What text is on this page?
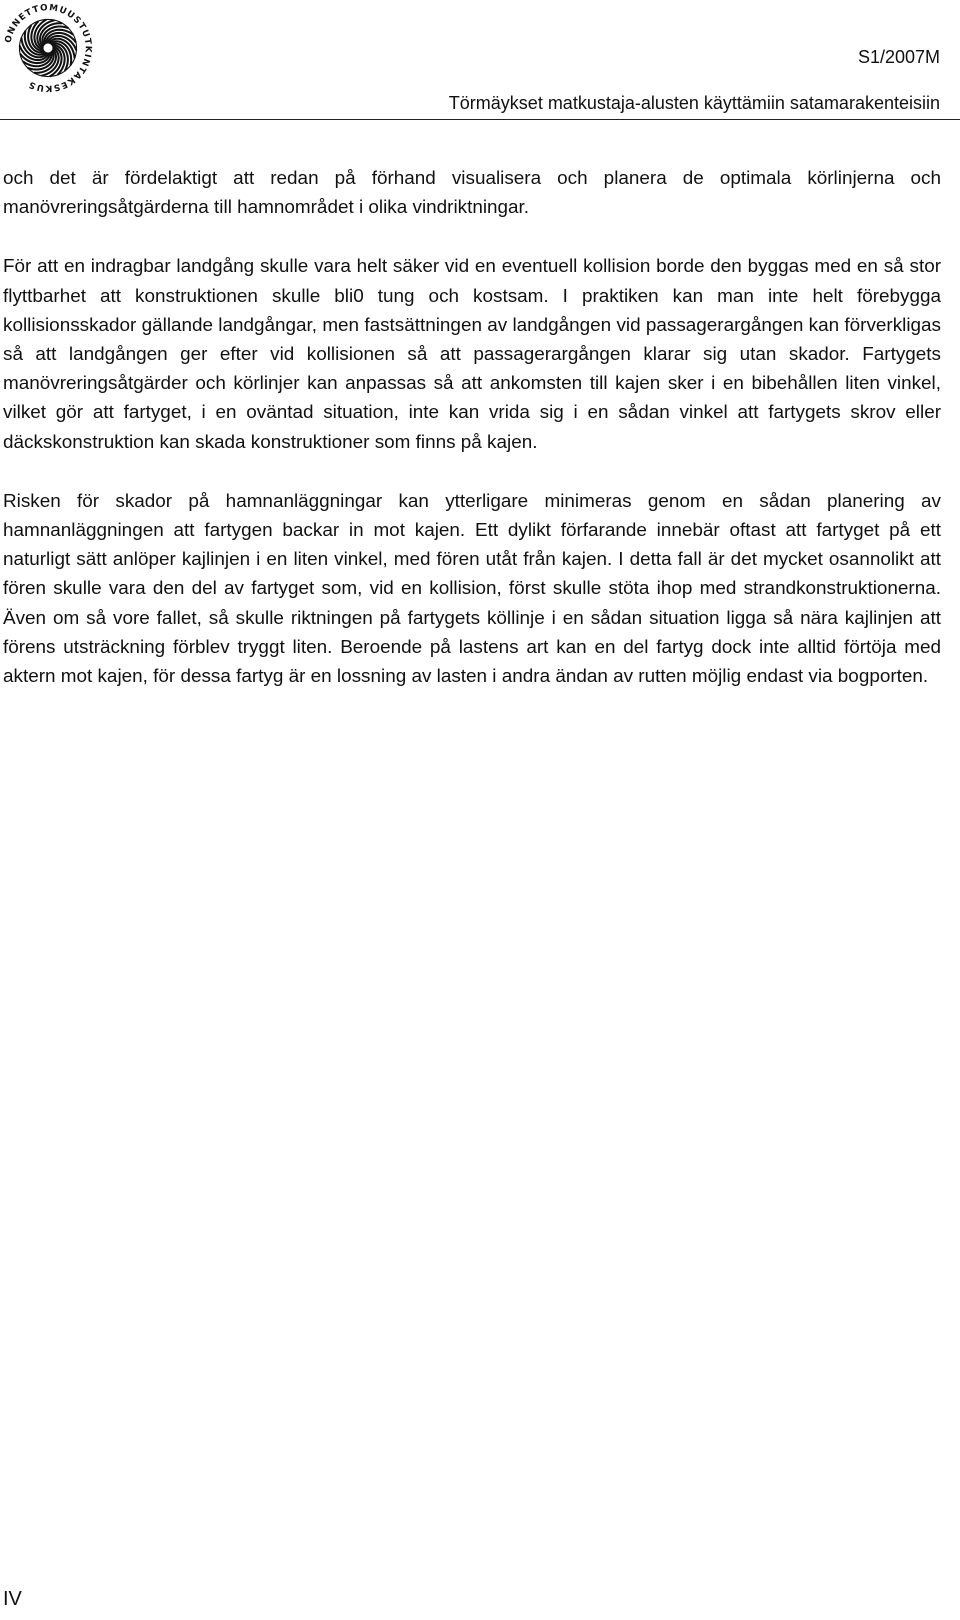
ONNETTOMUUSTUTKINTAKESKUS
S1/2007M
Törmäykset matkustaja-alusten käyttämiin satamarakenteisiin

och det är fördelaktigt att redan på förhand visualisera och planera de optimala körlinjerna och manövreringsåtgärderna till hamnområdet i olika vindriktningar.

För att en indragbar landgång skulle vara helt säker vid en eventuell kollision borde den byggas med en så stor flyttbarhet att konstruktionen skulle bli0 tung och kostsam. I praktiken kan man inte helt förebygga kollisionsskador gällande landgångar, men fastsättningen av landgången vid passagerargången kan förverkligas så att landgången ger efter vid kollisionen så att passagerargången klarar sig utan skador. Fartygets manövreringsåtgärder och körlinjer kan anpassas så att ankomsten till kajen sker i en bibehållen liten vinkel, vilket gör att fartyget, i en oväntad situation, inte kan vrida sig i en sådan vinkel att fartygets skrov eller däckskonstruktion kan skada konstruktioner som finns på kajen.

Risken för skador på hamnanläggningar kan ytterligare minimeras genom en sådan planering av hamnanläggningen att fartygen backar in mot kajen. Ett dylikt förfarande innebär oftast att fartyget på ett naturligt sätt anlöper kajlinjen i en liten vinkel, med fören utåt från kajen. I detta fall är det mycket osannolikt att fören skulle vara den del av fartyget som, vid en kollision, först skulle stöta ihop med strandkonstruktionerna. Även om så vore fallet, så skulle riktningen på fartygets köllinje i en sådan situation ligga så nära kajlinjen att förens utsträckning förblev tryggt liten. Beroende på lastens art kan en del fartyg dock inte alltid förtöja med aktern mot kajen, för dessa fartyg är en lossning av lasten i andra ändan av rutten möjlig endast via bogporten.

IV
